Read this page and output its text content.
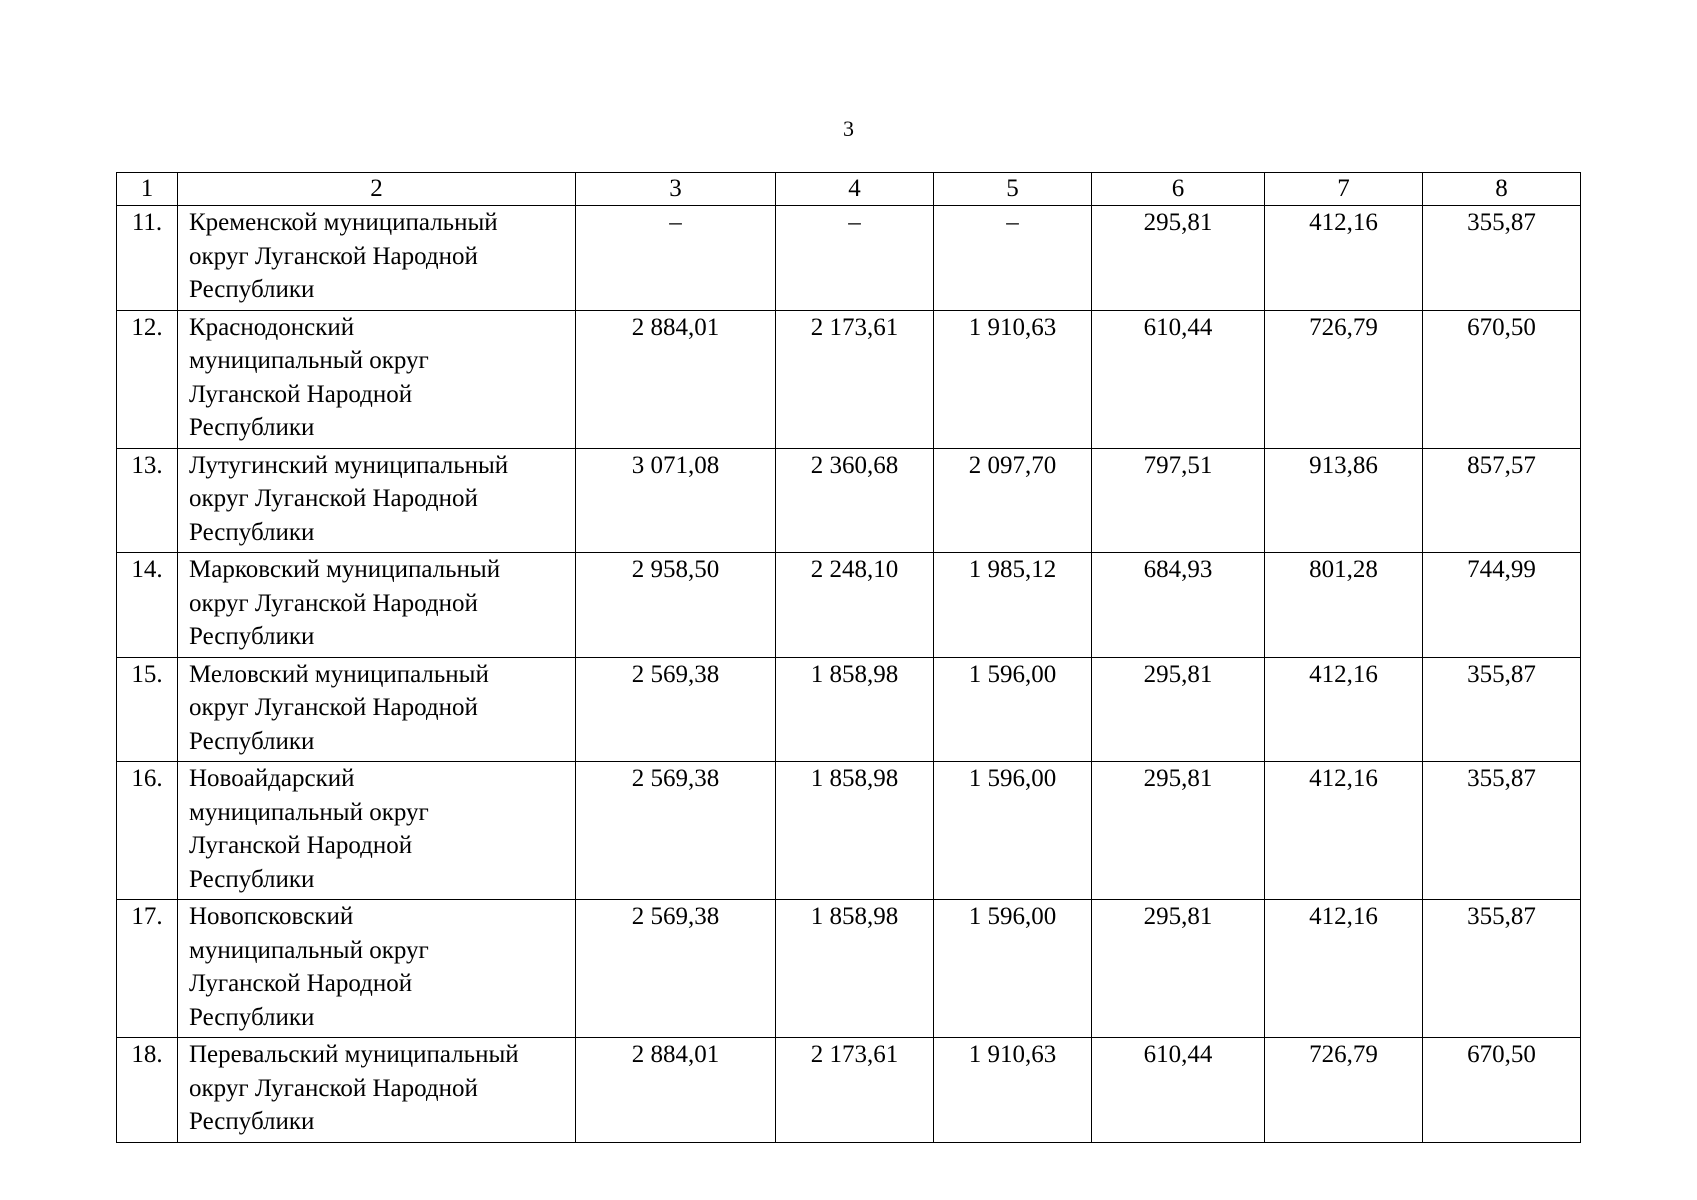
3
1	2	3	4	5	6	7	8
11.	Кременской муниципальный
округ Луганской Народной
Республики	–	–	–	295,81	412,16	355,87
12.	Краснодонский
муниципальный округ
Луганской Народной
Республики	2 884,01	2 173,61	1 910,63	610,44	726,79	670,50
13.	Лутугинский муниципальный
округ Луганской Народной
Республики	3 071,08	2 360,68	2 097,70	797,51	913,86	857,57
14.	Марковский муниципальный
округ Луганской Народной
Республики	2 958,50	2 248,10	1 985,12	684,93	801,28	744,99
15.	Меловский муниципальный
округ Луганской Народной
Республики	2 569,38	1 858,98	1 596,00	295,81	412,16	355,87
16.	Новоайдарский
муниципальный округ
Луганской Народной
Республики	2 569,38	1 858,98	1 596,00	295,81	412,16	355,87
17.	Новопсковский
муниципальный округ
Луганской Народной
Республики	2 569,38	1 858,98	1 596,00	295,81	412,16	355,87
18.	Перевальский муниципальный
округ Луганской Народной
Республики	2 884,01	2 173,61	1 910,63	610,44	726,79	670,50
